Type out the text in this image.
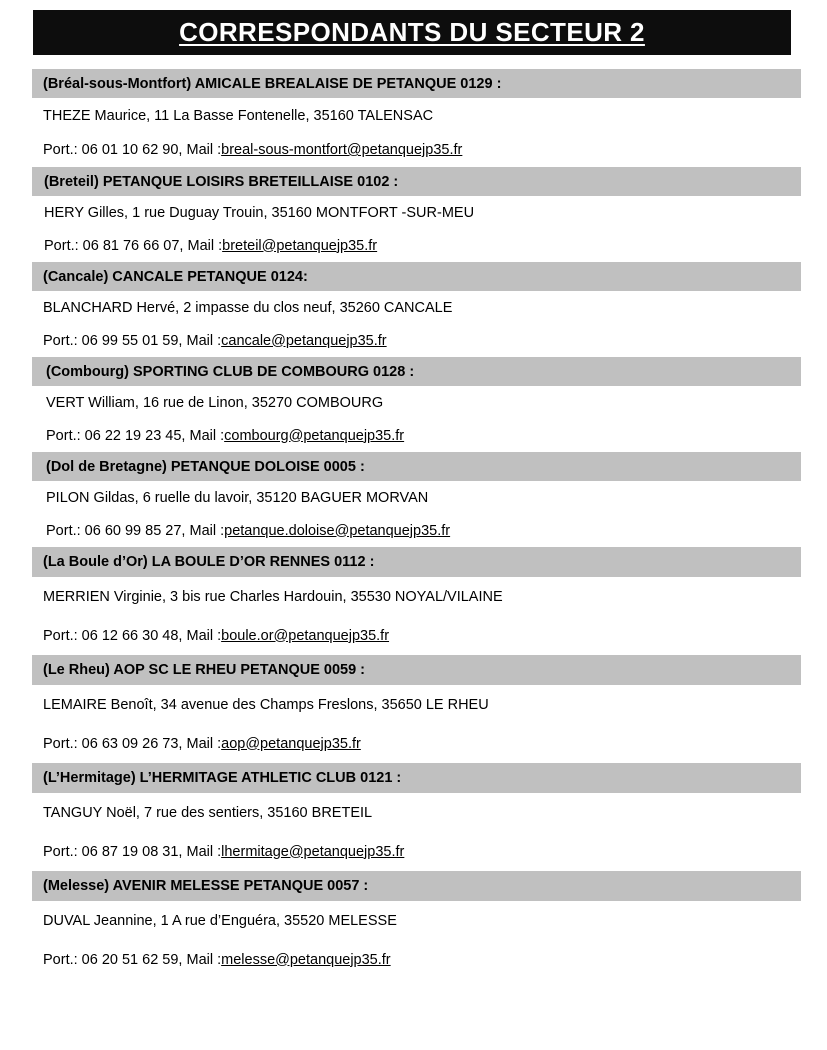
CORRESPONDANTS DU SECTEUR 2
(Bréal-sous-Montfort) AMICALE BREALAISE DE PETANQUE 0129 :
THEZE Maurice, 11 La Basse Fontenelle, 35160 TALENSAC
Port.: 06 01 10 62 90, Mail : breal-sous-montfort@petanquejp35.fr
(Breteil) PETANQUE LOISIRS BRETEILLAISE 0102 :
HERY Gilles, 1 rue Duguay Trouin, 35160 MONTFORT -SUR-MEU
Port.: 06 81 76 66 07, Mail : breteil@petanquejp35.fr
(Cancale) CANCALE PETANQUE 0124:
BLANCHARD Hervé, 2 impasse du clos neuf, 35260 CANCALE
Port.: 06 99 55 01 59, Mail : cancale@petanquejp35.fr
(Combourg) SPORTING CLUB DE COMBOURG 0128 :
VERT William, 16 rue de Linon, 35270 COMBOURG
Port.: 06 22 19 23 45, Mail : combourg@petanquejp35.fr
(Dol de Bretagne) PETANQUE DOLOISE 0005 :
PILON Gildas, 6 ruelle du lavoir, 35120 BAGUER MORVAN
Port.: 06 60 99 85 27, Mail : petanque.doloise@petanquejp35.fr
(La Boule d’Or) LA BOULE D’OR RENNES 0112 :
MERRIEN Virginie, 3 bis rue Charles Hardouin, 35530 NOYAL/VILAINE
Port.: 06 12 66 30 48, Mail : boule.or@petanquejp35.fr
(Le Rheu) AOP SC LE RHEU PETANQUE 0059 :
LEMAIRE Benoît, 34 avenue des Champs Freslons, 35650 LE RHEU
Port.: 06 63 09 26 73, Mail : aop@petanquejp35.fr
(L’Hermitage) L’HERMITAGE ATHLETIC CLUB 0121 :
TANGUY Noël, 7 rue des sentiers, 35160 BRETEIL
Port.: 06 87 19 08 31, Mail : lhermitage@petanquejp35.fr
(Melesse) AVENIR MELESSE PETANQUE 0057 :
DUVAL Jeannine, 1 A rue d’Enguéra, 35520 MELESSE
Port.: 06 20 51 62 59, Mail : melesse@petanquejp35.fr
